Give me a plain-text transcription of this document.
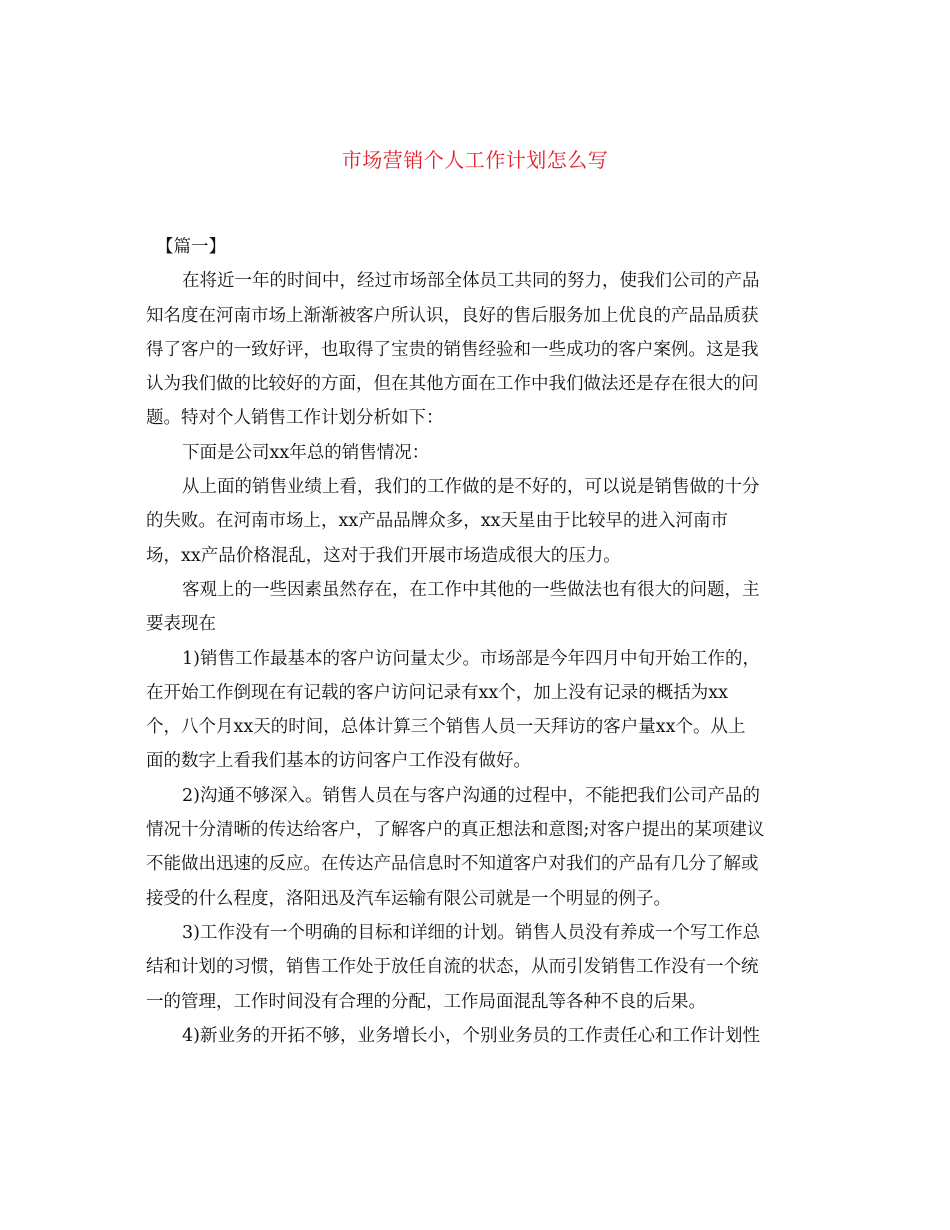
市场营销个人工作计划怎么写
【篇一】
在将近一年的时间中，经过市场部全体员工共同的努力，使我们公司的产品
知名度在河南市场上渐渐被客户所认识，良好的售后服务加上优良的产品品质获
得了客户的一致好评，也取得了宝贵的销售经验和一些成功的客户案例。这是我
认为我们做的比较好的方面，但在其他方面在工作中我们做法还是存在很大的问
题。特对个人销售工作计划分析如下：
下面是公司xx年总的销售情况：
从上面的销售业绩上看，我们的工作做的是不好的，可以说是销售做的十分
的失败。在河南市场上，xx产品品牌众多，xx天星由于比较早的进入河南市
场，xx产品价格混乱，这对于我们开展市场造成很大的压力。
客观上的一些因素虽然存在，在工作中其他的一些做法也有很大的问题，主
要表现在
1)销售工作最基本的客户访问量太少。市场部是今年四月中旬开始工作的，
在开始工作倒现在有记载的客户访问记录有xx个，加上没有记录的概括为xx
个，八个月xx天的时间，总体计算三个销售人员一天拜访的客户量xx个。从上
面的数字上看我们基本的访问客户工作没有做好。
2)沟通不够深入。销售人员在与客户沟通的过程中，不能把我们公司产品的
情况十分清晰的传达给客户，了解客户的真正想法和意图;对客户提出的某项建议
不能做出迅速的反应。在传达产品信息时不知道客户对我们的产品有几分了解或
接受的什么程度，洛阳迅及汽车运输有限公司就是一个明显的例子。
3)工作没有一个明确的目标和详细的计划。销售人员没有养成一个写工作总
结和计划的习惯，销售工作处于放任自流的状态，从而引发销售工作没有一个统
一的管理，工作时间没有合理的分配，工作局面混乱等各种不良的后果。
4)新业务的开拓不够，业务增长小，个别业务员的工作责任心和工作计划性
